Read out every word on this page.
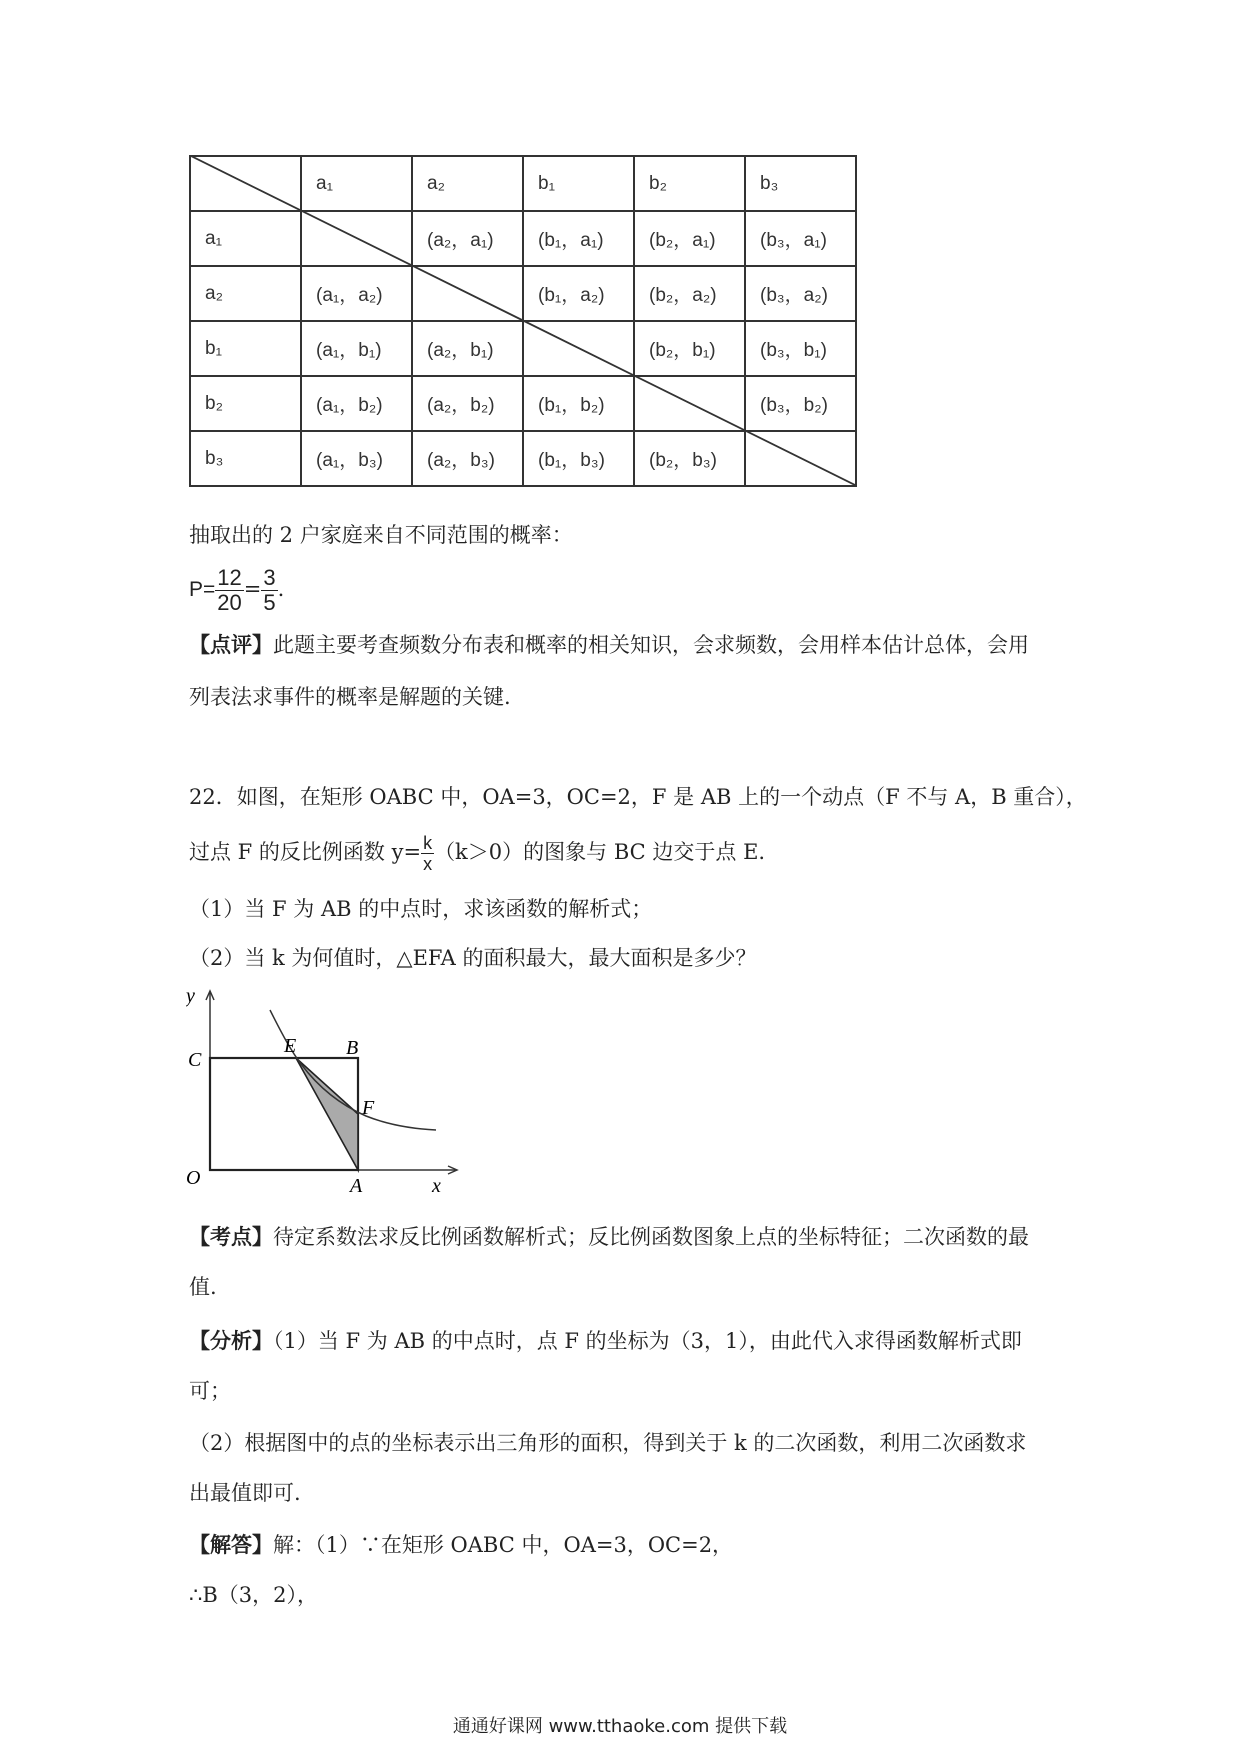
	a₁	a₂	b₁	b₂	b₃
a₁		(a₂，a₁)	(b₁，a₁)	(b₂，a₁)	(b₃，a₁)
a₂	(a₁，a₂)		(b₁，a₂)	(b₂，a₂)	(b₃，a₂)
b₁	(a₁，b₁)	(a₂，b₁)		(b₂，b₁)	(b₃，b₁)
b₂	(a₁，b₂)	(a₂，b₂)	(b₁，b₂)		(b₃，b₂)
b₃	(a₁，b₃)	(a₂，b₃)	(b₁，b₃)	(b₂，b₃)	
抽取出的 2 户家庭来自不同范围的概率：
$P= \frac{12}{20} = \frac{3}{5}$ .
【点评】此题主要考查频数分布表和概率的相关知识，会求频数，会用样本估计总体，会用
列表法求事件的概率是解题的关键.
22．如图，在矩形 OABC 中，OA=3，OC=2，F 是 AB 上的一个动点（F 不与 A，B 重合），
过点 F 的反比例函数 $y= \frac{k}{x} (k>0)$的图象与 BC 边交于点 E.
（1）当 F 为 AB 的中点时，求该函数的解析式；
（2）当 k 为何值时，△EFA 的面积最大，最大面积是多少？
y
x
O	A
B
C
E
F
【考点】待定系数法求反比例函数解析式；反比例函数图象上点的坐标特征；二次函数的最
值.
【分析】（1）当 F 为 AB 的中点时，点 F 的坐标为（3，1），由此代入求得函数解析式即
可；
（2）根据图中的点的坐标表示出三角形的面积，得到关于 k 的二次函数，利用二次函数求
出最值即可.
【解答】解：（1）∵在矩形 OABC 中，OA=3，OC=2，
∴B（3，2），
通通好课网 www.tthaoke.com 提供下载
